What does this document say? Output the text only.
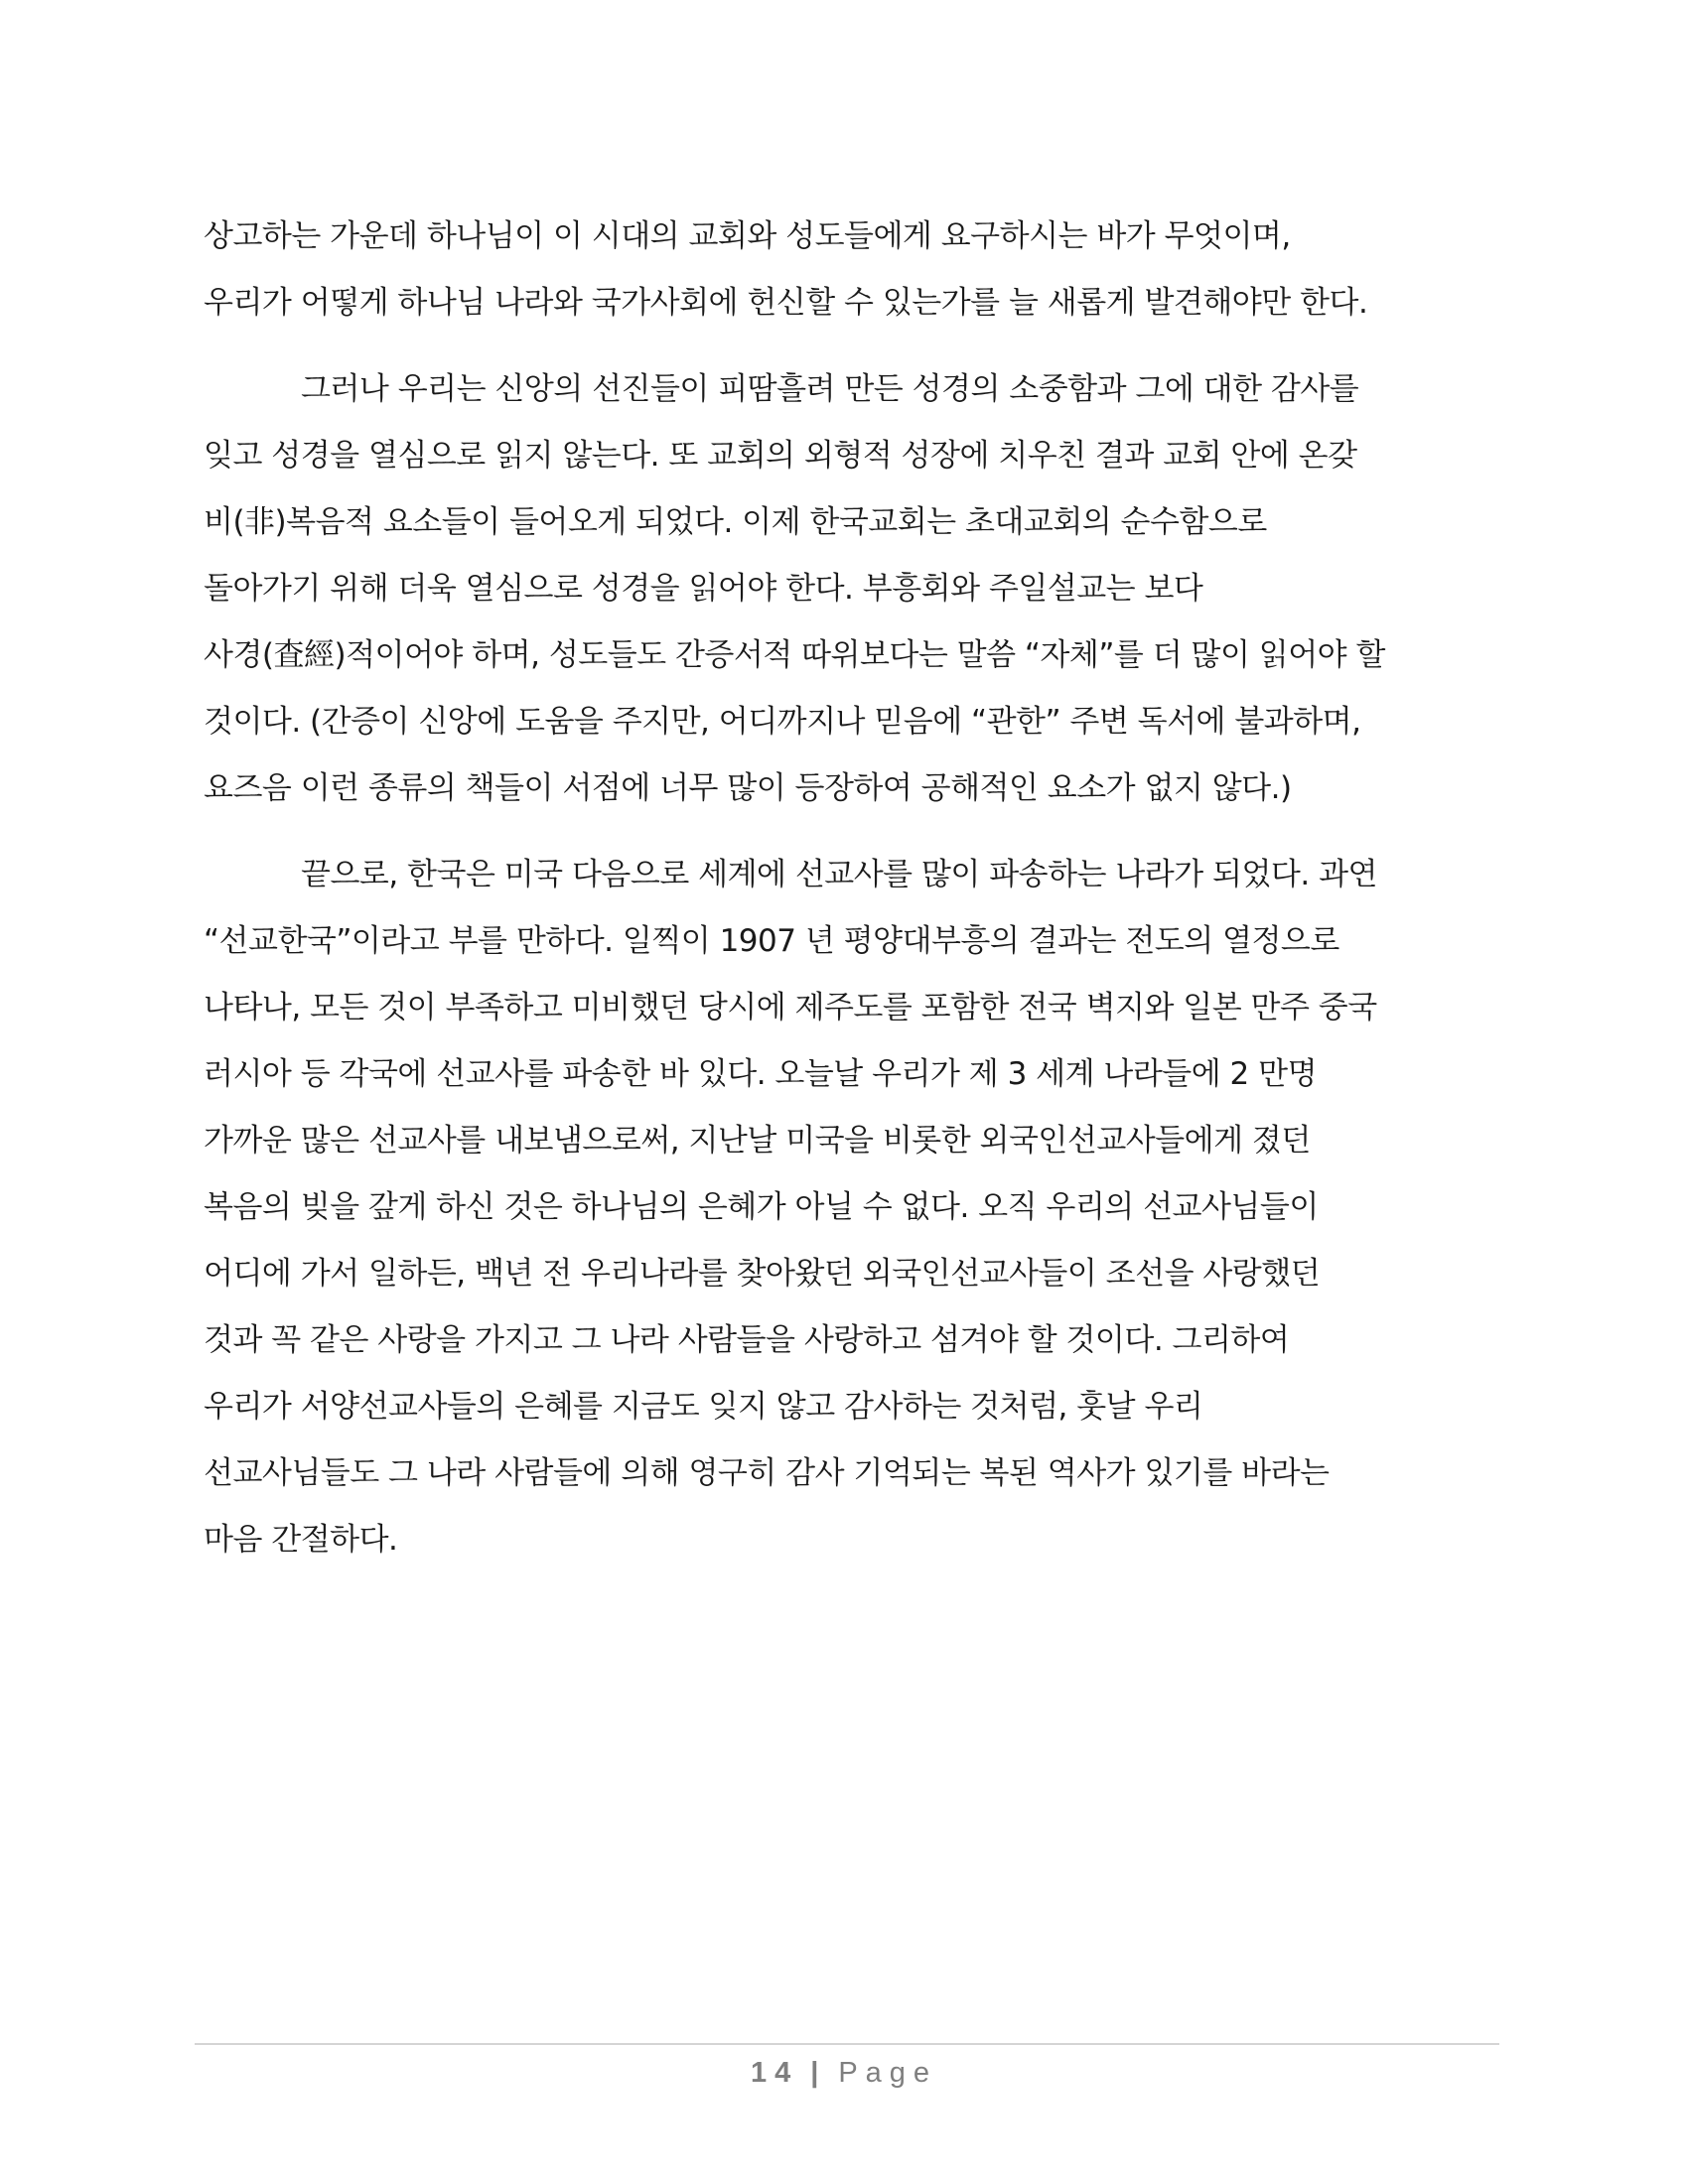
상고하는 가운데 하나님이 이 시대의 교회와 성도들에게 요구하시는 바가 무엇이며,
우리가 어떻게 하나님 나라와 국가사회에 헌신할 수 있는가를 늘 새롭게 발견해야만 한다.
그러나 우리는 신앙의 선진들이 피땀흘려 만든 성경의 소중함과 그에 대한 감사를
잊고 성경을 열심으로 읽지 않는다. 또 교회의 외형적 성장에 치우친 결과 교회 안에 온갖
비(非)복음적 요소들이 들어오게 되었다. 이제 한국교회는 초대교회의 순수함으로
돌아가기 위해 더욱 열심으로 성경을 읽어야 한다. 부흥회와 주일설교는 보다
사경(査經)적이어야 하며, 성도들도 간증서적 따위보다는 말씀 “자체”를 더 많이 읽어야 할
것이다. (간증이 신앙에 도움을 주지만, 어디까지나 믿음에 “관한” 주변 독서에 불과하며,
요즈음 이런 종류의 책들이 서점에 너무 많이 등장하여 공해적인 요소가 없지 않다.)
끝으로, 한국은 미국 다음으로 세계에 선교사를 많이 파송하는 나라가 되었다. 과연
“선교한국”이라고 부를 만하다. 일찍이 1907 년 평양대부흥의 결과는 전도의 열정으로
나타나, 모든 것이 부족하고 미비했던 당시에 제주도를 포함한 전국 벽지와 일본 만주 중국
러시아 등 각국에 선교사를 파송한 바 있다. 오늘날 우리가 제 3 세계 나라들에 2 만명
가까운 많은 선교사를 내보냄으로써, 지난날 미국을 비롯한 외국인선교사들에게 졌던
복음의 빚을 갚게 하신 것은 하나님의 은혜가 아닐 수 없다. 오직 우리의 선교사님들이
어디에 가서 일하든, 백년 전 우리나라를 찾아왔던 외국인선교사들이 조선을 사랑했던
것과 꼭 같은 사랑을 가지고 그 나라 사람들을 사랑하고 섬겨야 할 것이다. 그리하여
우리가 서양선교사들의 은혜를 지금도 잊지 않고 감사하는 것처럼, 훗날 우리
선교사님들도 그 나라 사람들에 의해 영구히 감사 기억되는 복된 역사가 있기를 바라는
마음 간절하다.
14 | Page
